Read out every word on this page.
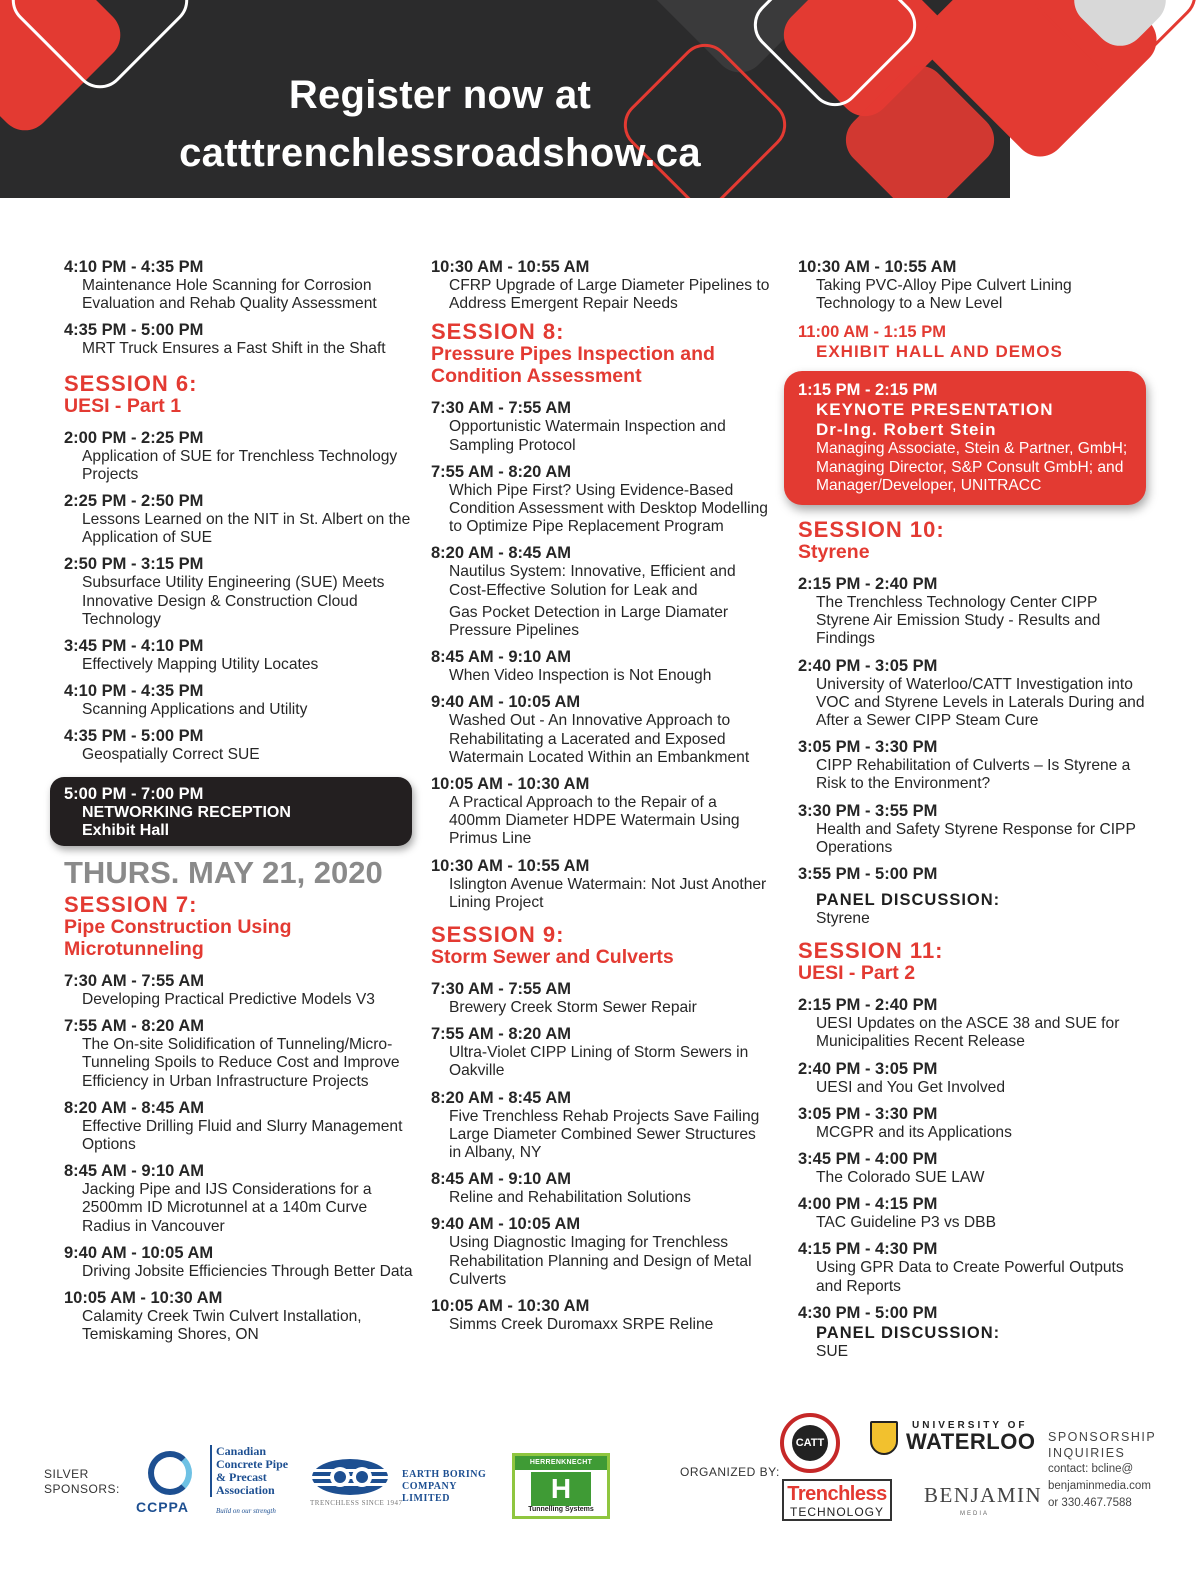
Register now at
catttrenchlessroadshow.ca
4:10 PM - 4:35 PM
Maintenance Hole Scanning for Corrosion Evaluation and Rehab Quality Assessment
4:35 PM - 5:00 PM
MRT Truck Ensures a Fast Shift in the Shaft
SESSION 6:
UESI - Part 1
2:00 PM - 2:25 PM
Application of SUE for Trenchless Technology Projects
2:25 PM - 2:50 PM
Lessons Learned on the NIT in St. Albert on the Application of SUE
2:50 PM - 3:15 PM
Subsurface Utility Engineering (SUE) Meets Innovative Design & Construction Cloud Technology
3:45 PM - 4:10 PM
Effectively Mapping Utility Locates
4:10 PM - 4:35 PM
Scanning Applications and Utility
4:35 PM - 5:00 PM
Geospatially Correct SUE
5:00 PM - 7:00 PM
NETWORKING RECEPTION
Exhibit Hall
THURS. MAY 21, 2020
SESSION 7:
Pipe Construction Using Microtunneling
7:30 AM - 7:55 AM
Developing Practical Predictive Models V3
7:55 AM - 8:20 AM
The On-site Solidification of Tunneling/Micro-Tunneling Spoils to Reduce Cost and Improve Efficiency in Urban Infrastructure Projects
8:20 AM - 8:45 AM
Effective Drilling Fluid and Slurry Management Options
8:45 AM - 9:10 AM
Jacking Pipe and IJS Considerations for a 2500mm ID Microtunnel at a 140m Curve Radius in Vancouver
9:40 AM - 10:05 AM
Driving Jobsite Efficiencies Through Better Data
10:05 AM - 10:30 AM
Calamity Creek Twin Culvert Installation, Temiskaming Shores, ON
10:30 AM - 10:55 AM
CFRP Upgrade of Large Diameter Pipelines to Address Emergent Repair Needs
SESSION 8:
Pressure Pipes Inspection and Condition Assessment
7:30 AM - 7:55 AM
Opportunistic Watermain Inspection and Sampling Protocol
7:55 AM - 8:20 AM
Which Pipe First? Using Evidence-Based Condition Assessment with Desktop Modelling to Optimize Pipe Replacement Program
8:20 AM - 8:45 AM
Nautilus System: Innovative, Efficient and Cost-Effective Solution for Leak and
Gas Pocket Detection in Large Diamater Pressure Pipelines
8:45 AM - 9:10 AM
When Video Inspection is Not Enough
9:40 AM - 10:05 AM
Washed Out - An Innovative Approach to Rehabilitating a Lacerated and Exposed Watermain Located Within an Embankment
10:05 AM - 10:30 AM
A Practical Approach to the Repair of a 400mm Diameter HDPE Watermain Using Primus Line
10:30 AM - 10:55 AM
Islington Avenue Watermain: Not Just Another Lining Project
SESSION 9:
Storm Sewer and Culverts
7:30 AM - 7:55 AM
Brewery Creek Storm Sewer Repair
7:55 AM - 8:20 AM
Ultra-Violet CIPP Lining of Storm Sewers in Oakville
8:20 AM - 8:45 AM
Five Trenchless Rehab Projects Save Failing Large Diameter Combined Sewer Structures in Albany, NY
8:45 AM - 9:10 AM
Reline and Rehabilitation Solutions
9:40 AM - 10:05 AM
Using Diagnostic Imaging for Trenchless Rehabilitation Planning and Design of Metal Culverts
10:05 AM - 10:30 AM
Simms Creek Duromaxx SRPE Reline
10:30 AM - 10:55 AM
Taking PVC-Alloy Pipe Culvert Lining Technology to a New Level
11:00 AM - 1:15 PM
EXHIBIT HALL AND DEMOS
1:15 PM - 2:15 PM
KEYNOTE PRESENTATION
Dr-Ing. Robert Stein
Managing Associate, Stein & Partner, GmbH; Managing Director, S&P Consult GmbH; and Manager/Developer, UNITRACC
SESSION 10:
Styrene
2:15 PM - 2:40 PM
The Trenchless Technology Center CIPP Styrene Air Emission Study - Results and Findings
2:40 PM - 3:05 PM
University of Waterloo/CATT Investigation into VOC and Styrene Levels in Laterals During and After a Sewer CIPP Steam Cure
3:05 PM - 3:30 PM
CIPP Rehabilitation of Culverts – Is Styrene a Risk to the Environment?
3:30 PM - 3:55 PM
Health and Safety Styrene Response for CIPP Operations
3:55 PM - 5:00 PM
PANEL DISCUSSION:
Styrene
SESSION 11:
UESI - Part 2
2:15 PM - 2:40 PM
UESI Updates on the ASCE 38 and SUE for Municipalities Recent Release
2:40 PM - 3:05 PM
UESI and You Get Involved
3:05 PM - 3:30 PM
MCGPR and its Applications
3:45 PM - 4:00 PM
The Colorado SUE LAW
4:00 PM - 4:15 PM
TAC Guideline P3 vs DBB
4:15 PM - 4:30 PM
Using GPR Data to Create Powerful Outputs and Reports
4:30 PM - 5:00 PM
PANEL DISCUSSION:
SUE
SILVER
SPONSORS:
CCPPA
Canadian
Concrete Pipe
& Precast
Association
Build on our strength
EARTH BORING
COMPANY LIMITED
TRENCHLESS SINCE 1947
HERRENKNECHT
H
Tunnelling Systems
ORGANIZED BY:
CATT
Trenchless
TECHNOLOGY
UNIVERSITY OF
WATERLOO
BENJAMIN
MEDIA
SPONSORSHIP
INQUIRIES
contact: bcline@
benjaminmedia.com
or 330.467.7588
